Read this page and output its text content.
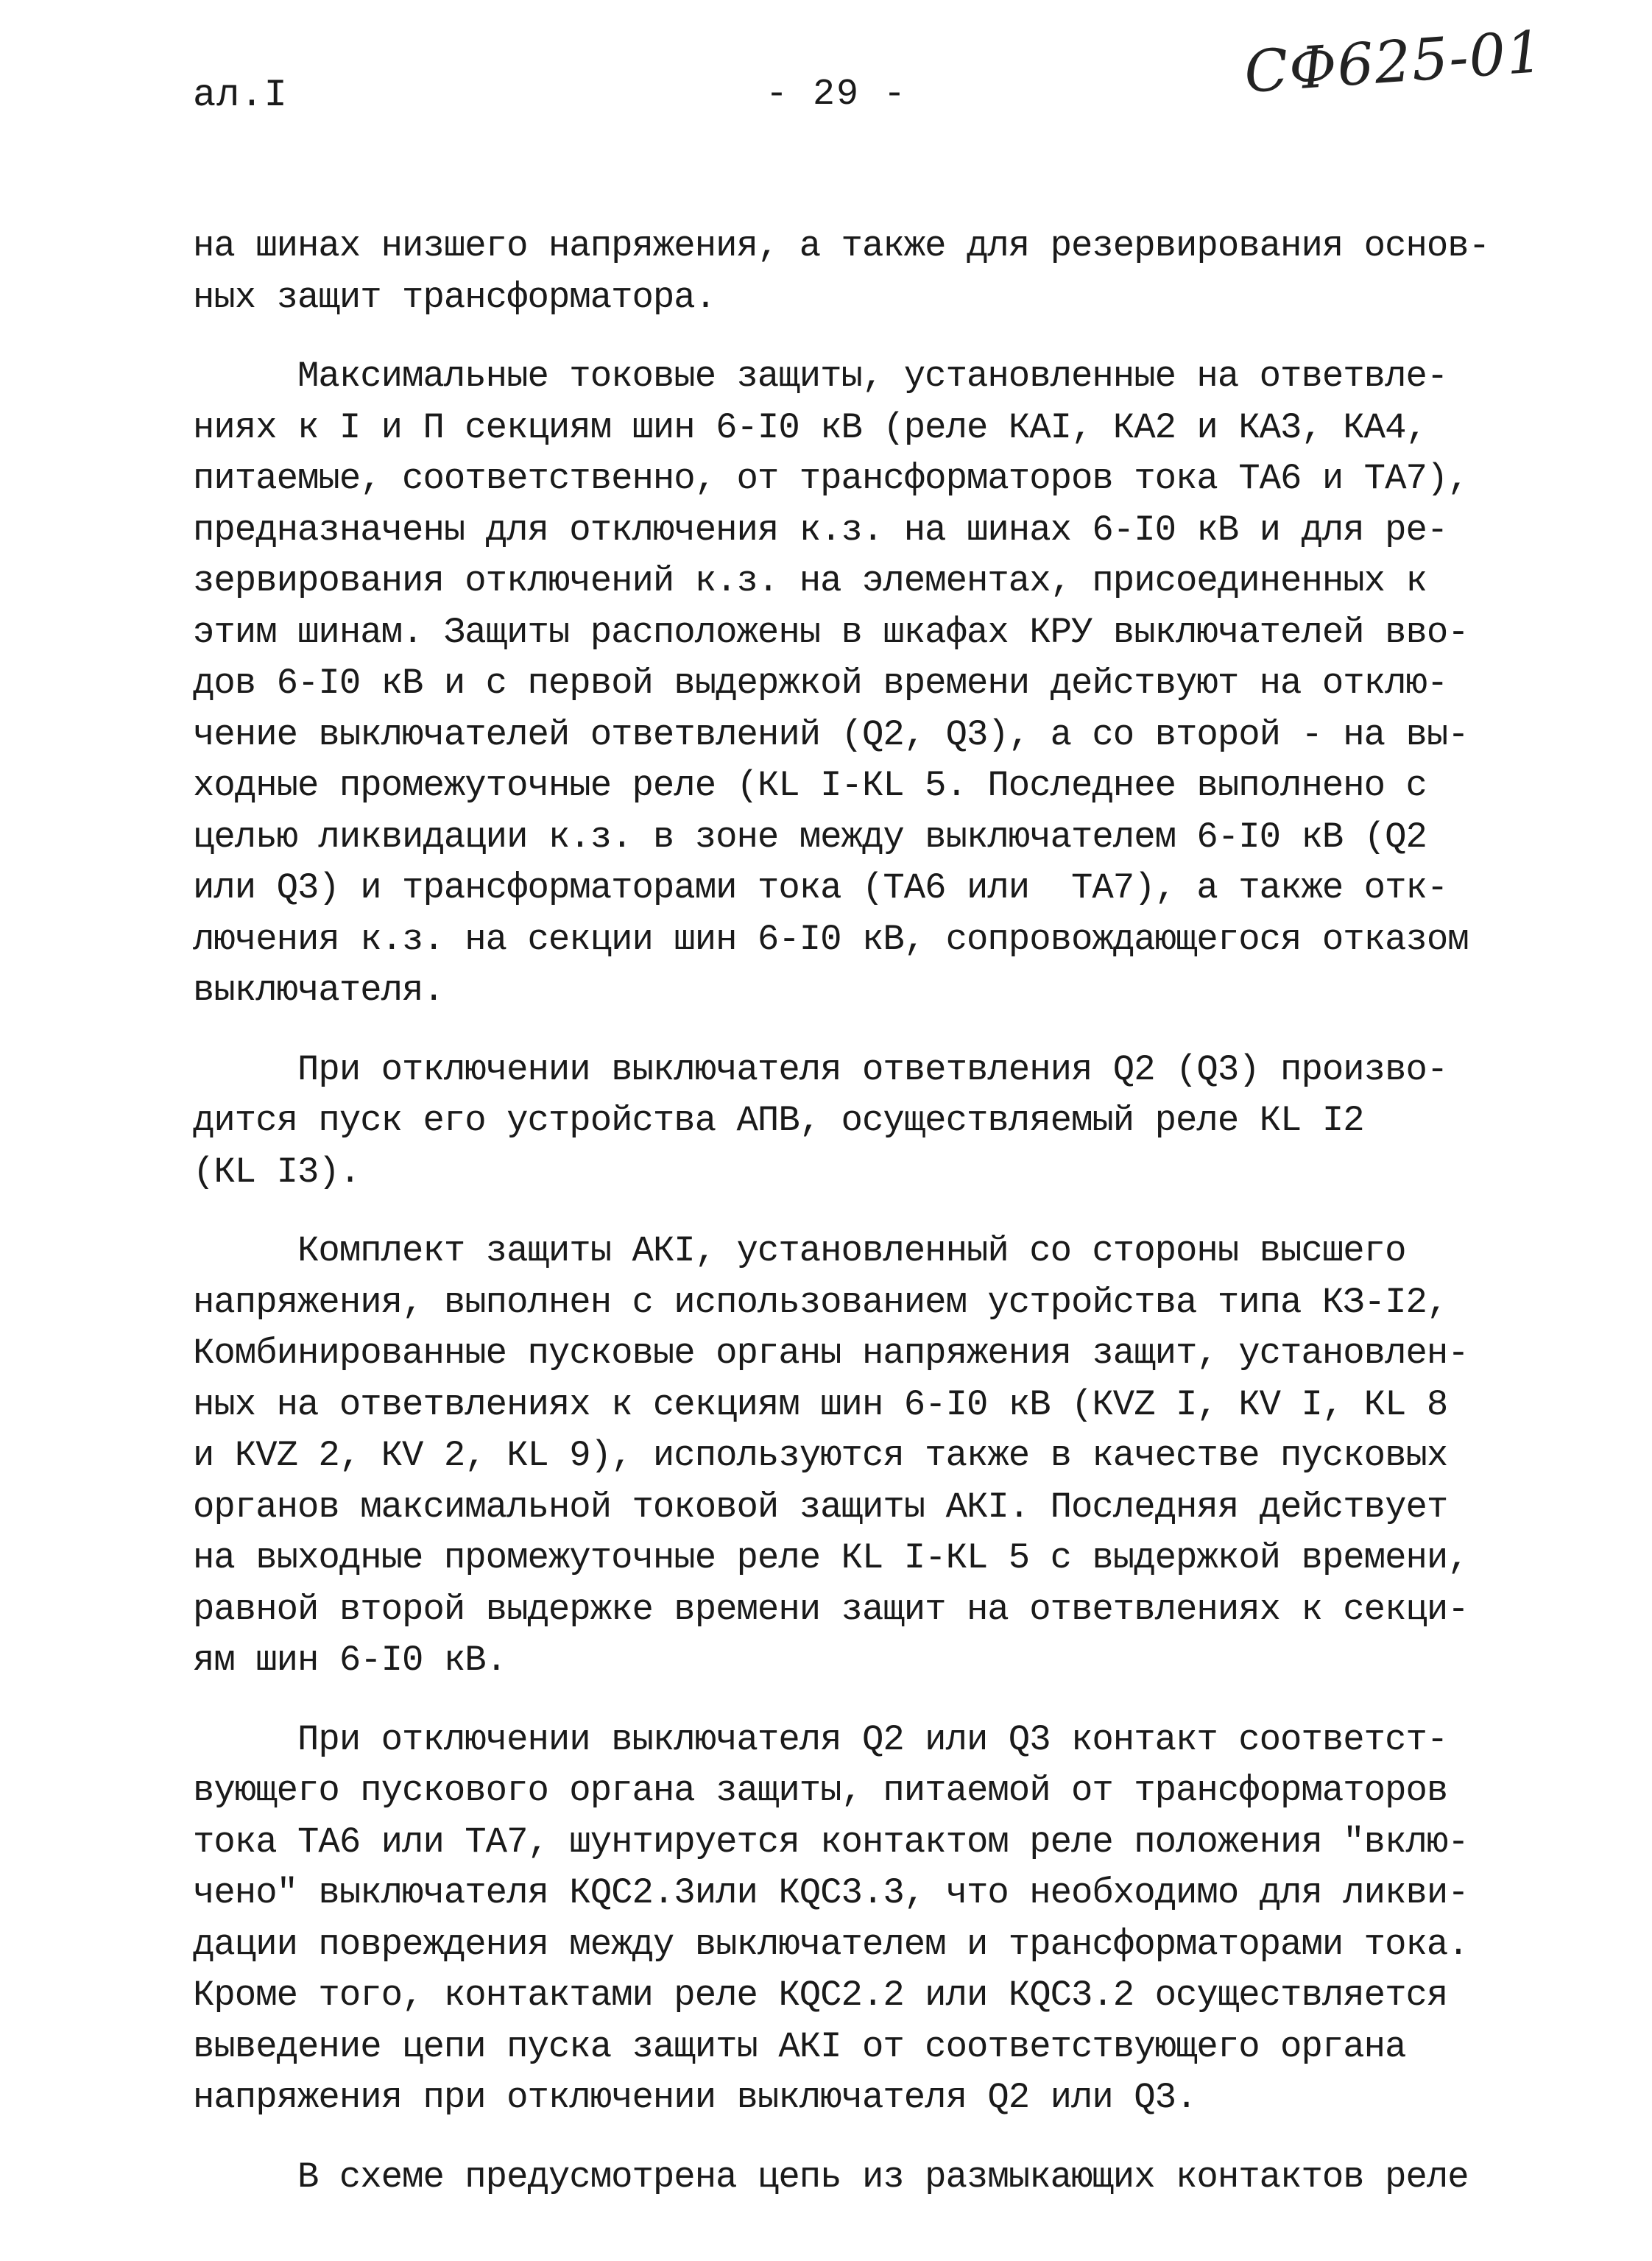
ал.I	- 29 -	СФ625-01
на шинах низшего напряжения, а также для резервирования основ-
ных защит трансформатора.
Максимальные токовые защиты, установленные на ответвле-
ниях к I и П секциям шин 6-I0 кВ (реле КАI, КА2 и КА3, КА4,
питаемые, соответственно, от трансформаторов тока ТА6 и ТА7),
предназначены для отключения к.з. на шинах 6-I0 кВ и для ре-
зервирования отключений к.з. на элементах, присоединенных к
этим шинам. Защиты расположены в шкафах КРУ выключателей вво-
дов 6-I0 кВ и с первой выдержкой времени действуют на отклю-
чение выключателей ответвлений (Q2, Q3), а со второй - на вы-
ходные промежуточные реле (КL I-КL 5. Последнее выполнено с
целью ликвидации к.з. в зоне между выключателем 6-I0 кВ (Q2
или Q3) и трансформаторами тока (ТА6 или  ТА7), а также отк-
лючения к.з. на секции шин 6-I0 кВ, сопровождающегося отказом
выключателя.
При отключении выключателя ответвления Q2 (Q3) произво-
дится пуск его устройства АПВ, осуществляемый реле КL I2
(КL I3).
Комплект защиты АКI, установленный со стороны высшего
напряжения, выполнен с использованием устройства типа КЗ-I2,
Комбинированные пусковые органы напряжения защит, установлен-
ных на ответвлениях к секциям шин 6-I0 кВ (КVZ I, КV I, КL 8
и КVZ 2, КV 2, КL 9), используются также в качестве пусковых
органов максимальной токовой защиты АКI. Последняя действует
на выходные промежуточные реле КL I-КL 5 с выдержкой времени,
равной второй выдержке времени защит на ответвлениях к секци-
ям шин 6-I0 кВ.
При отключении выключателя Q2 или Q3 контакт соответст-
вующего пускового органа защиты, питаемой от трансформаторов
тока ТА6 или ТА7, шунтируется контактом реле положения "вклю-
чено" выключателя КQС2.3или КQС3.3, что необходимо для ликви-
дации повреждения между выключателем и трансформаторами тока.
Кроме того, контактами реле КQС2.2 или КQС3.2 осуществляется
выведение цепи пуска защиты АКI от соответствующего органа
напряжения при отключении выключателя Q2 или Q3.
В схеме предусмотрена цепь из размыкающих контактов реле
